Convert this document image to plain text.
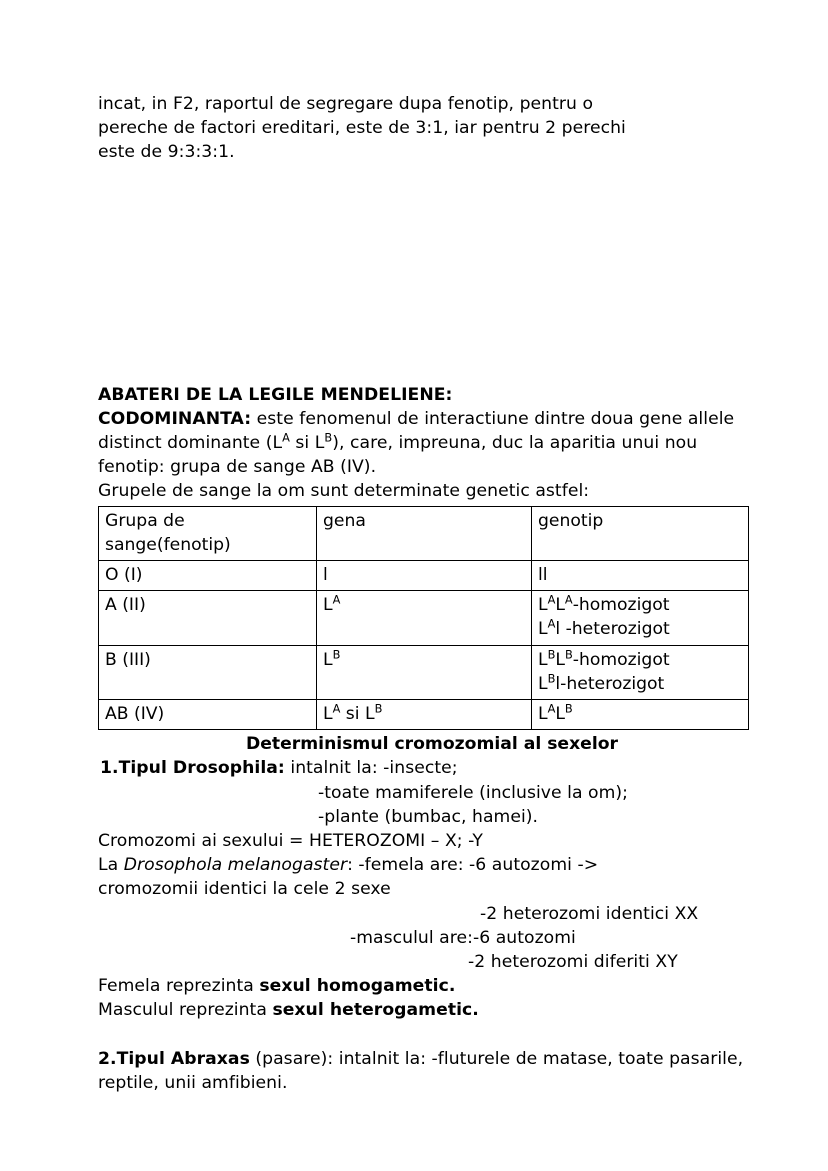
incat, in F2, raportul de segregare dupa fenotip, pentru o
pereche de factori ereditari, este de 3:1, iar pentru 2 perechi
este de 9:3:3:1.
ABATERI DE LA LEGILE MENDELIENE:
CODOMINANTA: este fenomenul de interactiune dintre doua gene allele distinct dominante ($L^A$ si $L^B$), care, impreuna, duc la aparitia unui nou fenotip: grupa de sange AB (IV).
Grupele de sange la om sunt determinate genetic astfel:
Grupa de
sange(fenotip)	gena	genotip
O (I)	l	ll
A (II)	$L^A$	$L^AL^A$-homozigot
$L^Al$ -heterozigot

B (III)	$L^B$	$L^BL^B$-homozigot
$L^Bl$-heterozigot

AB (IV)	$L^A$ si $L^B$	$L^AL^B$
Determinismul cromozomial al sexelor
1.Tipul Drosophila: intalnit la: -insecte;
-toate mamiferele (inclusive la om);
-plante (bumbac, hamei).
Cromozomi ai sexului = HETEROZOMI – X; -Y
La Drosophola melanogaster: -femela are: -6 autozomi ->
cromozomii identici la cele 2 sexe
-2 heterozomi identici XX
-masculul are:-6 autozomi
-2 heterozomi diferiti XY
Femela reprezinta sexul homogametic.
Masculul reprezinta sexul heterogametic.
2.Tipul Abraxas (pasare): intalnit la: -fluturele de matase, toate pasarile, reptile, unii amfibieni.
